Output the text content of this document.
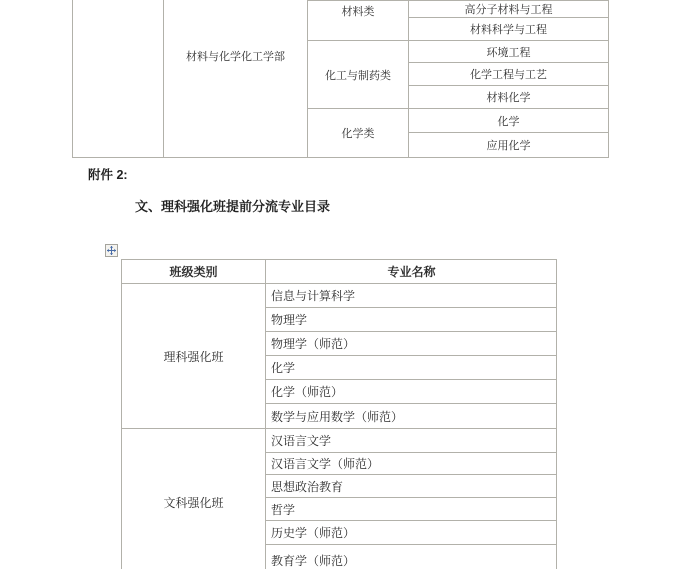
材料与化学化工学部
材料类
化工与制药类
化学类
高分子材料与工程
材料科学与工程
环境工程
化学工程与工艺
材料化学
化学
应用化学
附件 2:
文、理科强化班提前分流专业目录
班级类别	专业名称
理科强化班
信息与计算科学
物理学
物理学（师范）
化学
化学（师范）
数学与应用数学（师范）
文科强化班
汉语言文学
汉语言文学（师范）
思想政治教育
哲学
历史学（师范）
教育学（师范）
